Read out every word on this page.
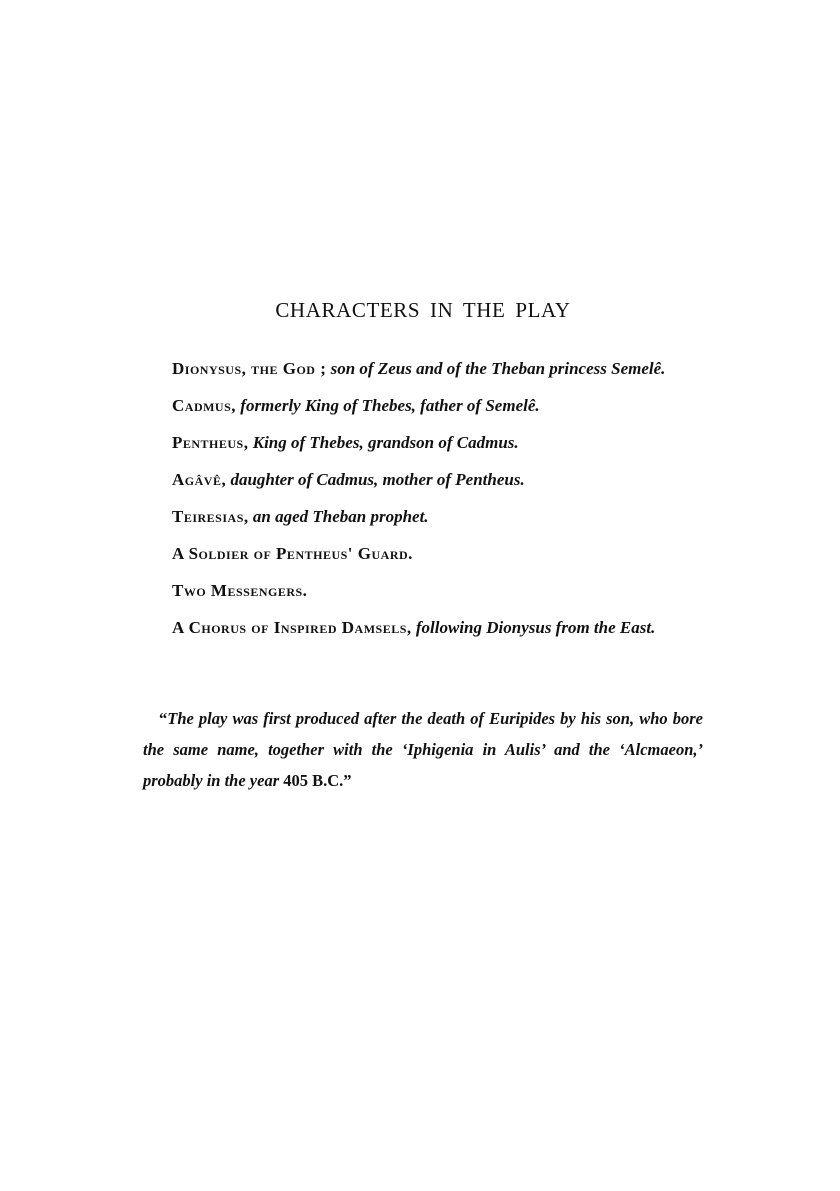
CHARACTERS IN THE PLAY
Dionysus, the God ; son of Zeus and of the Theban princess Semelê.
Cadmus, formerly King of Thebes, father of Semelê.
Pentheus, King of Thebes, grandson of Cadmus.
Agâvê, daughter of Cadmus, mother of Pentheus.
Teiresias, an aged Theban prophet.
A Soldier of Pentheus' Guard.
Two Messengers.
A Chorus of Inspired Damsels, following Dionysus from the East.

“The play was first produced after the death of Euripides by his son, who bore the same name, together with the ‘Iphigenia in Aulis’ and the ‘Alcmaeon,’ probably in the year 405 B.C.”
